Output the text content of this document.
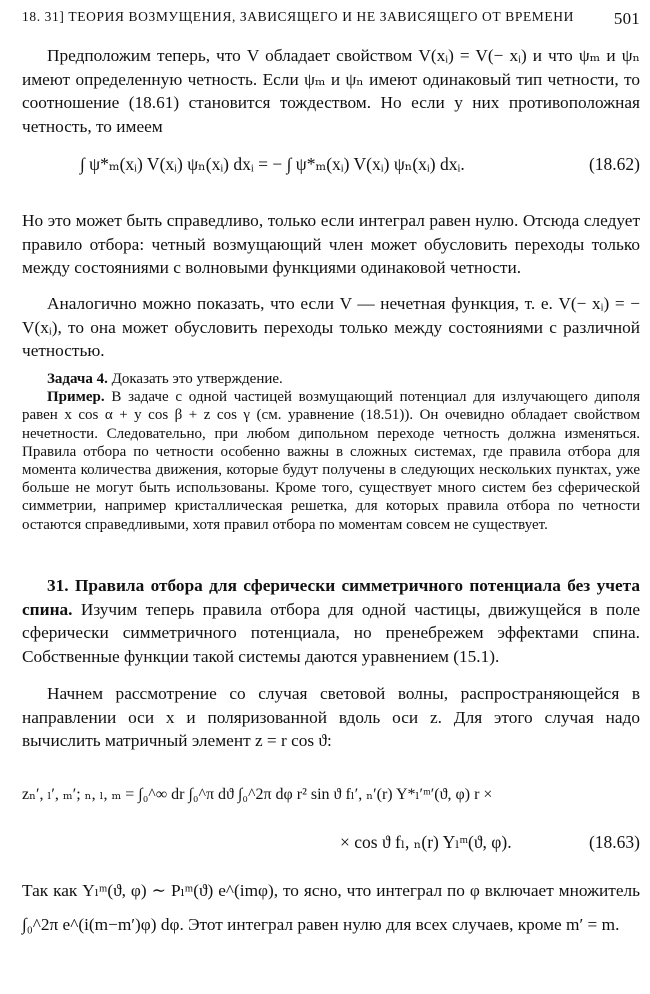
18. 31] ТЕОРИЯ ВОЗМУЩЕНИЯ, ЗАВИСЯЩЕГО И НЕ ЗАВИСЯЩЕГО ОТ ВРЕМЕНИ 501

Предположим теперь, что V обладает свойством V(xᵢ) = V(− xᵢ) и что ψₘ и ψₙ имеют определенную четность. Если ψₘ и ψₙ имеют одинаковый тип четности, то соотношение (18.61) становится тождеством. Но если у них противоположная четность, то имеем

∫ ψ*ₘ(xᵢ) V(xᵢ) ψₙ(xᵢ) dxᵢ = − ∫ ψ*ₘ(xᵢ) V(xᵢ) ψₙ(xᵢ) dxᵢ.	(18.62)

Но это может быть справедливо, только если интеграл равен нулю. Отсюда следует правило отбора: четный возмущающий член может обусловить переходы только между состояниями с волновыми функциями одинаковой четности.

Аналогично можно показать, что если V — нечетная функция, т. е. V(− xᵢ) = − V(xᵢ), то она может обусловить переходы только между состояниями с различной четностью.

Задача 4. Доказать это утверждение.

Пример. В задаче с одной частицей возмущающий потенциал для излучающего диполя равен x cos α + y cos β + z cos γ (см. уравнение (18.51)). Он очевидно обладает свойством нечетности. Следовательно, при любом дипольном переходе четность должна изменяться. Правила отбора по четности особенно важны в сложных системах, где правила отбора для момента количества движения, которые будут получены в следующих нескольких пунктах, уже больше не могут быть использованы. Кроме того, существует много систем без сферической симметрии, например кристаллическая решетка, для которых правила отбора по четности остаются справедливыми, хотя правил отбора по моментам совсем не существует.

31. Правила отбора для сферически симметричного потенциала без учета спина. Изучим теперь правила отбора для одной частицы, движущейся в поле сферически симметричного потенциала, но пренебрежем эффектами спина. Собственные функции такой системы даются уравнением (15.1).

Начнем рассмотрение со случая световой волны, распространяющейся в направлении оси x и поляризованной вдоль оси z. Для этого случая надо вычислить матричный элемент z = r cos ϑ:

zₙ′, ₗ′, ₘ′; ₙ, ₗ, ₘ = ∫₀^∞ dr ∫₀^π dϑ ∫₀^2π dφ r² sin ϑ fₗ′, ₙ′(r) Y*ₗ′ᵐ′(ϑ, φ) r ×
× cos ϑ fₗ, ₙ(r) Yₗᵐ(ϑ, φ).	(18.63)

Так как Yₗᵐ(ϑ, φ) ∼ Pₗᵐ(ϑ) e^(imφ), то ясно, что интеграл по φ включает множитель ∫₀^2π e^(i(m−m′)φ) dφ. Этот интеграл равен нулю для всех случаев, кроме m′ = m.
